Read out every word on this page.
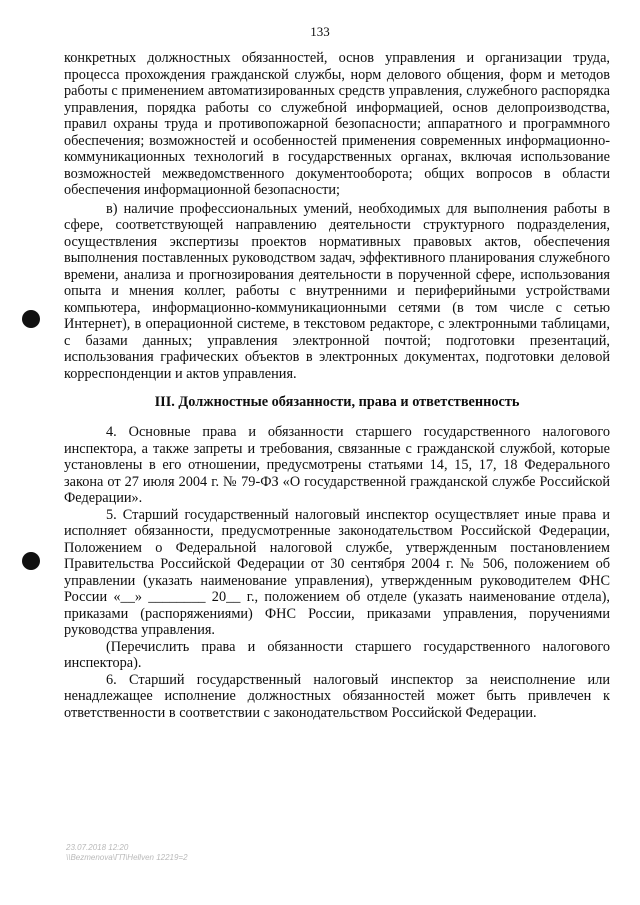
133

конкретных должностных обязанностей, основ управления и организации труда, процесса прохождения гражданской службы, норм делового общения, форм и методов работы с применением автоматизированных средств управления, служебного распорядка управления, порядка работы со служебной информацией, основ делопроизводства, правил охраны труда и противопожарной безопасности; аппаратного и программного обеспечения; возможностей и особенностей применения современных информационно-коммуникационных технологий в государственных органах, включая использование возможностей межведомственного документооборота; общих вопросов в области обеспечения информационной безопасности;

в) наличие профессиональных умений, необходимых для выполнения работы в сфере, соответствующей направлению деятельности структурного подразделения, осуществления экспертизы проектов нормативных правовых актов, обеспечения выполнения поставленных руководством задач, эффективного планирования служебного времени, анализа и прогнозирования деятельности в порученной сфере, использования опыта и мнения коллег, работы с внутренними и периферийными устройствами компьютера, информационно-коммуникационными сетями (в том числе с сетью Интернет), в операционной системе, в текстовом редакторе, с электронными таблицами, с базами данных; управления электронной почтой; подготовки презентаций, использования графических объектов в электронных документах, подготовки деловой корреспонденции и актов управления.

III. Должностные обязанности, права и ответственность

4. Основные права и обязанности старшего государственного налогового инспектора, а также запреты и требования, связанные с гражданской службой, которые установлены в его отношении, предусмотрены статьями 14, 15, 17, 18 Федерального закона от 27 июля 2004 г. № 79-ФЗ «О государственной гражданской службе Российской Федерации».

5. Старший государственный налоговый инспектор осуществляет иные права и исполняет обязанности, предусмотренные законодательством Российской Федерации, Положением о Федеральной налоговой службе, утвержденным постановлением Правительства Российской Федерации от 30 сентября 2004 г. № 506, положением об управлении (указать наименование управления), утвержденным руководителем ФНС России «__» ________ 20__ г., положением об отделе (указать наименование отдела), приказами (распоряжениями) ФНС России, приказами управления, поручениями руководства управления.

(Перечислить права и обязанности старшего государственного налогового инспектора).

6. Старший государственный налоговый инспектор за неисполнение или ненадлежащее исполнение должностных обязанностей может быть привлечен к ответственности в соответствии с законодательством Российской Федерации.

23.07.2018 12:20
\\Bezmenova\ГП\Hellven 12219=2
